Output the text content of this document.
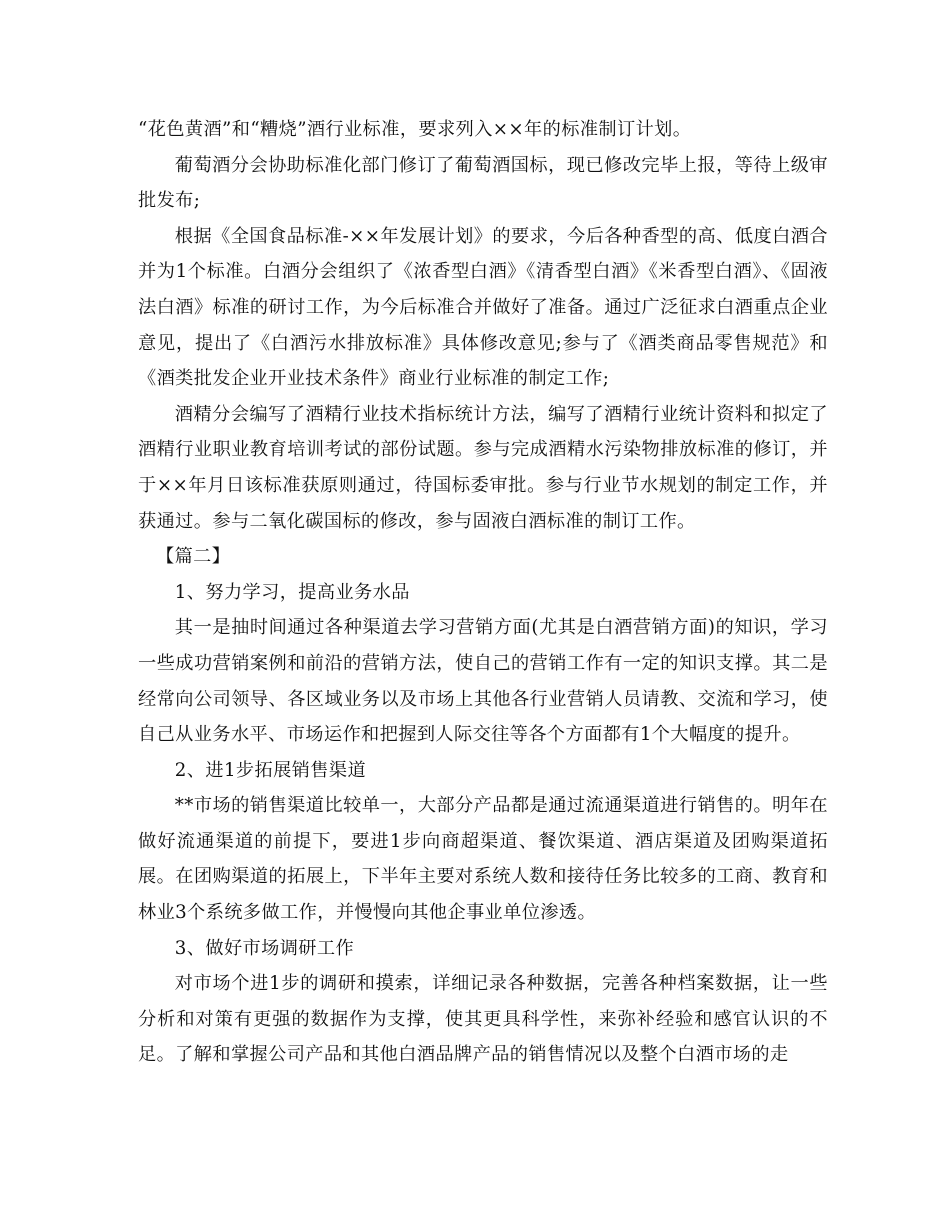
“花色黄酒”和“糟烧”酒行业标准，要求列入××年的标准制订计划。

葡萄酒分会协助标准化部门修订了葡萄酒国标，现已修改完毕上报，等待上级审批发布;

根据《全国食品标准-××年发展计划》的要求，今后各种香型的高、低度白酒合并为1个标准。白酒分会组织了《浓香型白酒》《清香型白酒》《米香型白酒》、《固液法白酒》标准的研讨工作，为今后标准合并做好了准备。通过广泛征求白酒重点企业意见，提出了《白酒污水排放标准》具体修改意见;参与了《酒类商品零售规范》和《酒类批发企业开业技术条件》商业行业标准的制定工作;

酒精分会编写了酒精行业技术指标统计方法，编写了酒精行业统计资料和拟定了酒精行业职业教育培训考试的部份试题。参与完成酒精水污染物排放标准的修订，并于××年月日该标准获原则通过，待国标委审批。参与行业节水规划的制定工作，并获通过。参与二氧化碳国标的修改，参与固液白酒标准的制订工作。

【篇二】

1、努力学习，提高业务水品

其一是抽时间通过各种渠道去学习营销方面(尤其是白酒营销方面)的知识，学习一些成功营销案例和前沿的营销方法，使自己的营销工作有一定的知识支撑。其二是经常向公司领导、各区域业务以及市场上其他各行业营销人员请教、交流和学习，使自己从业务水平、市场运作和把握到人际交往等各个方面都有1个大幅度的提升。

2、进1步拓展销售渠道

**市场的销售渠道比较单一，大部分产品都是通过流通渠道进行销售的。明年在做好流通渠道的前提下，要进1步向商超渠道、餐饮渠道、酒店渠道及团购渠道拓展。在团购渠道的拓展上，下半年主要对系统人数和接待任务比较多的工商、教育和林业3个系统多做工作，并慢慢向其他企事业单位渗透。

3、做好市场调研工作

对市场个进1步的调研和摸索，详细记录各种数据，完善各种档案数据，让一些分析和对策有更强的数据作为支撑，使其更具科学性，来弥补经验和感官认识的不足。了解和掌握公司产品和其他白酒品牌产品的销售情况以及整个白酒市场的走
